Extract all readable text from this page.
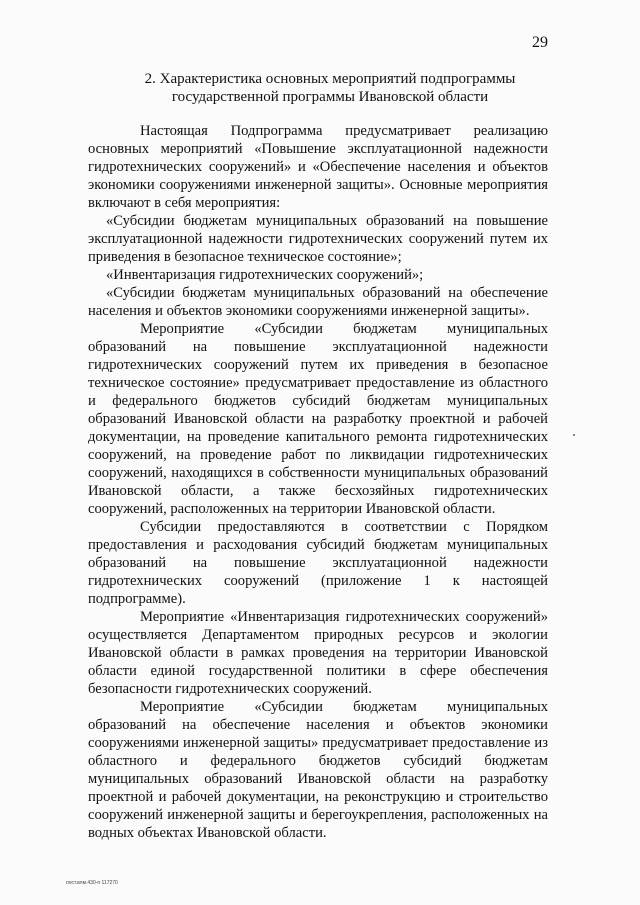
29
2. Характеристика основных мероприятий подпрограммы
государственной программы Ивановской области

Настоящая Подпрограмма предусматривает реализацию основных мероприятий «Повышение эксплуатационной надежности гидротехнических сооружений» и «Обеспечение населения и объектов экономики сооружениями инженерной защиты». Основные мероприятия включают в себя мероприятия:

«Субсидии бюджетам муниципальных образований на повышение эксплуатационной надежности гидротехнических сооружений путем их приведения в безопасное техническое состояние»;

«Инвентаризация гидротехнических сооружений»;

«Субсидии бюджетам муниципальных образований на обеспечение населения и объектов экономики сооружениями инженерной защиты».

Мероприятие «Субсидии бюджетам муниципальных образований на повышение эксплуатационной надежности гидротехнических сооружений путем их приведения в безопасное техническое состояние» предусматривает предоставление из областного и федерального бюджетов субсидий бюджетам муниципальных образований Ивановской области на разработку проектной и рабочей документации, на проведение капитального ремонта гидротехнических сооружений, на проведение работ по ликвидации гидротехнических сооружений, находящихся в собственности муниципальных образований Ивановской области, а также бесхозяйных гидротехнических сооружений, расположенных на территории Ивановской области.

Субсидии предоставляются в соответствии с Порядком предоставления и расходования субсидий бюджетам муниципальных образований на повышение эксплуатационной надежности гидротехнических сооружений (приложение 1 к настоящей подпрограмме).

Мероприятие «Инвентаризация гидротехнических сооружений» осуществляется Департаментом природных ресурсов и экологии Ивановской области в рамках проведения на территории Ивановской области единой государственной политики в сфере обеспечения безопасности гидротехнических сооружений.

Мероприятие «Субсидии бюджетам муниципальных образований на обеспечение населения и объектов экономики сооружениями инженерной защиты» предусматривает предоставление из областного и федерального бюджетов субсидий бюджетам муниципальных образований Ивановской области на разработку проектной и рабочей документации, на реконструкцию и строительство сооружений инженерной защиты и берегоукрепления, расположенных на водных объектах Ивановской области.

пост.влм.430-п 117270
